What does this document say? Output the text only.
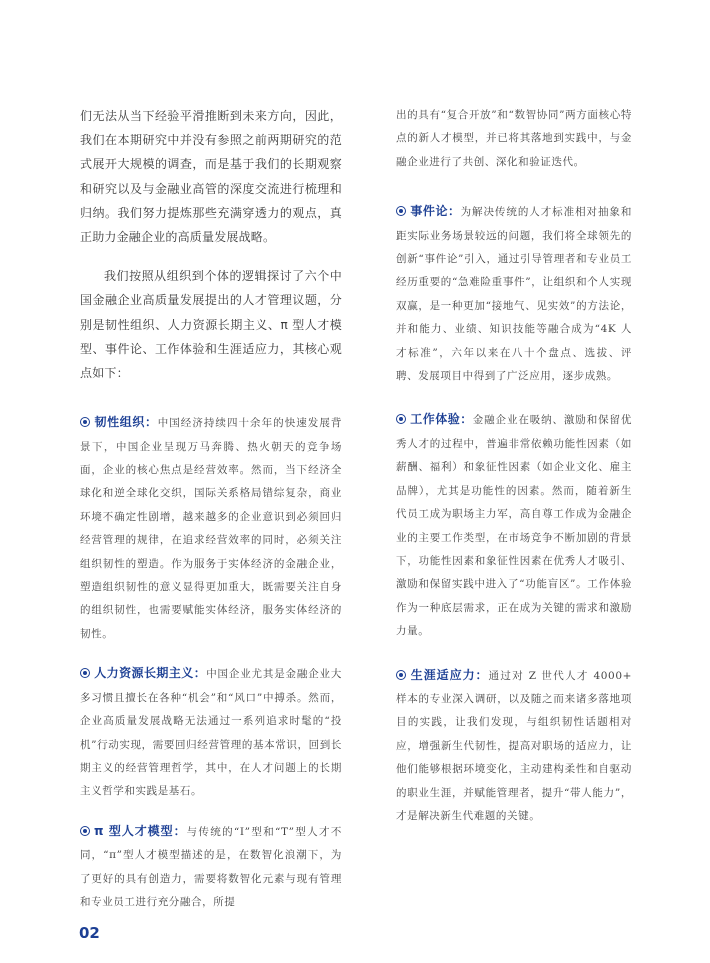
们无法从当下经验平滑推断到未来方向，因此，我们在本期研究中并没有参照之前两期研究的范式展开大规模的调查，而是基于我们的长期观察和研究以及与金融业高管的深度交流进行梳理和归纳。我们努力提炼那些充满穿透力的观点，真正助力金融企业的高质量发展战略。

我们按照从组织到个体的逻辑探讨了六个中国金融企业高质量发展提出的人才管理议题，分别是韧性组织、人力资源长期主义、π 型人才模型、事件论、工作体验和生涯适应力，其核心观点如下：

韧性组织：中国经济持续四十余年的快速发展背景下，中国企业呈现万马奔腾、热火朝天的竞争场面，企业的核心焦点是经营效率。然而，当下经济全球化和逆全球化交织，国际关系格局错综复杂，商业环境不确定性剧增，越来越多的企业意识到必须回归经营管理的规律，在追求经营效率的同时，必须关注组织韧性的塑造。作为服务于实体经济的金融企业，塑造组织韧性的意义显得更加重大，既需要关注自身的组织韧性，也需要赋能实体经济，服务实体经济的韧性。

人力资源长期主义：中国企业尤其是金融企业大多习惯且擅长在各种“机会”和“风口”中搏杀。然而，企业高质量发展战略无法通过一系列追求时髦的“投机”行动实现，需要回归经营管理的基本常识，回到长期主义的经营管理哲学，其中，在人才问题上的长期主义哲学和实践是基石。

π 型人才模型：与传统的“I”型和“T”型人才不同，“π”型人才模型描述的是，在数智化浪潮下，为了更好的具有创造力，需要将数智化元素与现有管理和专业员工进行充分融合，所提

出的具有“复合开放”和“数智协同”两方面核心特点的新人才模型，并已将其落地到实践中，与金融企业进行了共创、深化和验证迭代。

事件论：为解决传统的人才标准相对抽象和距实际业务场景较远的问题，我们将全球领先的创新“事件论”引入，通过引导管理者和专业员工经历重要的“急难险重事件”，让组织和个人实现双赢，是一种更加“接地气、见实效”的方法论，并和能力、业绩、知识技能等融合成为“4K 人才标准”，六年以来在八十个盘点、选拔、评聘、发展项目中得到了广泛应用，逐步成熟。

工作体验：金融企业在吸纳、激励和保留优秀人才的过程中，普遍非常依赖功能性因素（如薪酬、福利）和象征性因素（如企业文化、雇主品牌），尤其是功能性的因素。然而，随着新生代员工成为职场主力军，高自尊工作成为金融企业的主要工作类型，在市场竞争不断加剧的背景下，功能性因素和象征性因素在优秀人才吸引、激励和保留实践中进入了“功能盲区”。工作体验作为一种底层需求，正在成为关键的需求和激励力量。

生涯适应力：通过对 Z 世代人才 4000+ 样本的专业深入调研，以及随之而来诸多落地项目的实践，让我们发现，与组织韧性话题相对应，增强新生代韧性，提高对职场的适应力，让他们能够根据环境变化，主动建构柔性和自驱动的职业生涯，并赋能管理者，提升“带人能力”，才是解决新生代难题的关键。

02
